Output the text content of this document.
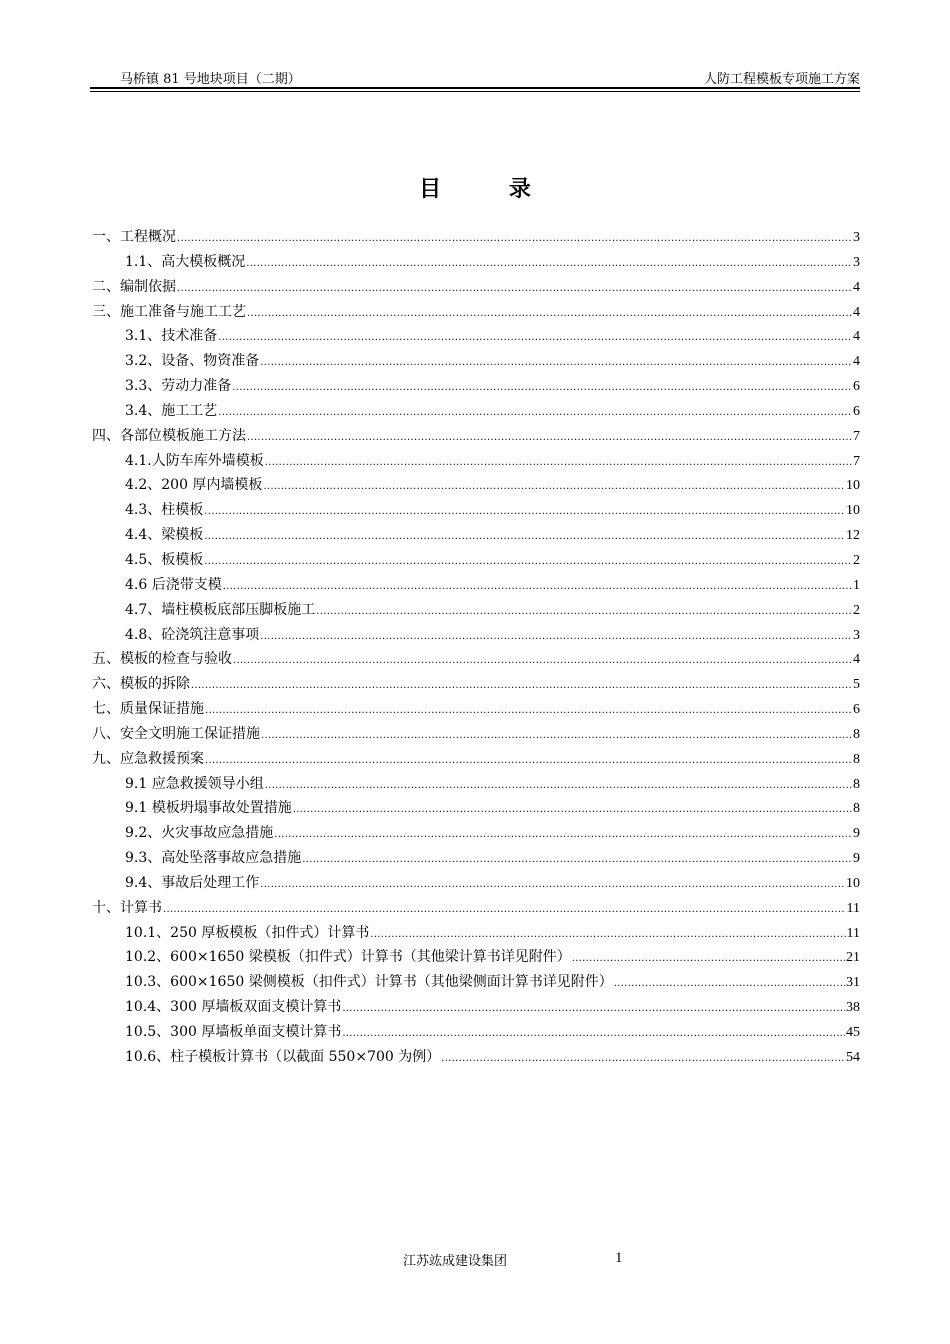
马桥镇 81 号地块项目（二期）	人防工程模板专项施工方案
目 录
一、工程概况 .....	3
1.1、高大模板概况 .....	3
二、编制依据 .....	4
三、施工准备与施工工艺 .....	4
3.1、技术准备 .....	4
3.2、设备、物资准备 .....	4
3.3、劳动力准备 .....	6
3.4、施工工艺 .....	6
四、各部位模板施工方法 .....	7
4.1.人防车库外墙模板 .....	7
4.2、200 厚内墙模板 .....	10
4.3、柱模板 .....	10
4.4、梁模板 .....	12
4.5、板模板 .....	2
4.6 后浇带支模 .....	1
4.7、墙柱模板底部压脚板施工 .....	2
4.8、砼浇筑注意事项 .....	3
五、模板的检查与验收 .....	4
六、模板的拆除 .....	5
七、质量保证措施 .....	6
八、安全文明施工保证措施 .....	8
九、应急救援预案 .....	8
9.1 应急救援领导小组 .....	8
9.1 模板坍塌事故处置措施 .....	8
9.2、火灾事故应急措施 .....	9
9.3、高处坠落事故应急措施 .....	9
9.4、事故后处理工作 .....	10
十、计算书 .....	11
10.1、250 厚板模板（扣件式）计算书 .....	11
10.2、600×1650 梁模板（扣件式）计算书（其他梁计算书详见附件） .....	21
10.3、600×1650 梁侧模板（扣件式）计算书（其他梁侧面计算书详见附件） .....	31
10.4、300 厚墙板双面支模计算书 .....	38
10.5、300 厚墙板单面支模计算书 .....	45
10.6、柱子模板计算书（以截面 550×700 为例） .....	54
江苏竑成建设集团	1
